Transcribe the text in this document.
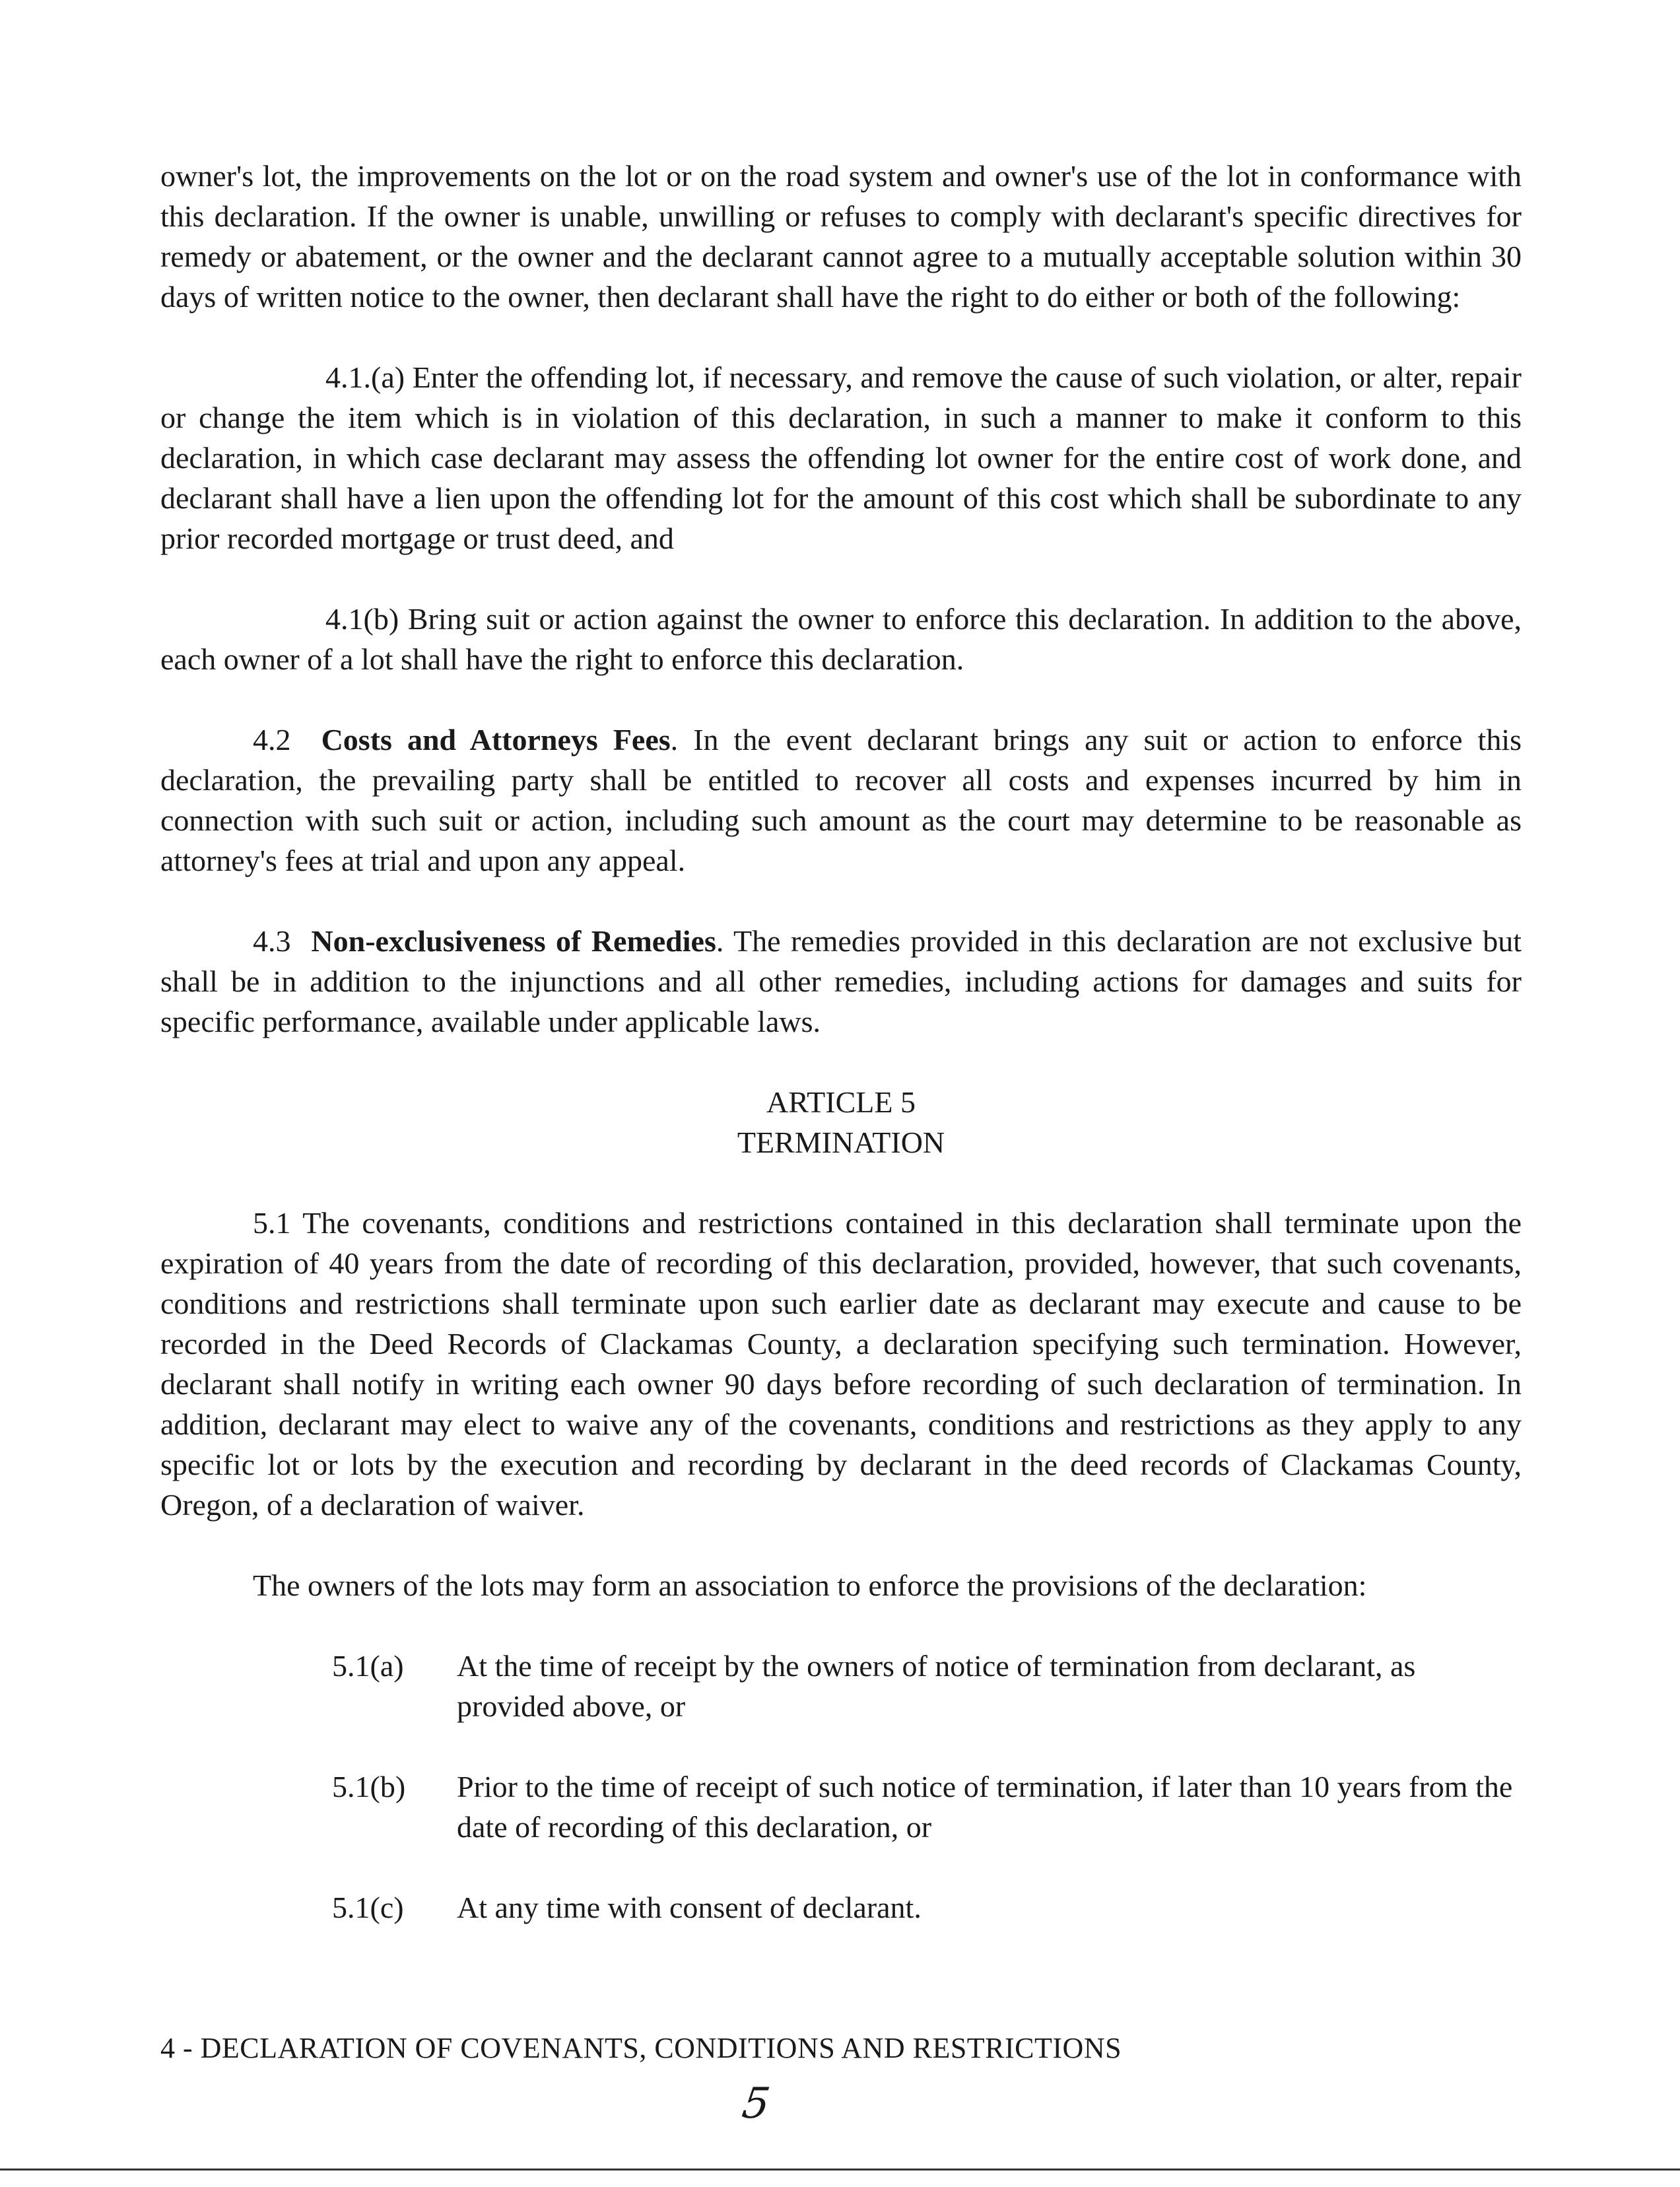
owner's lot, the improvements on the lot or on the road system and owner's use of the lot in conformance with this declaration. If the owner is unable, unwilling or refuses to comply with declarant's specific directives for remedy or abatement, or the owner and the declarant cannot agree to a mutually acceptable solution within 30 days of written notice to the owner, then declarant shall have the right to do either or both of the following:

4.1.(a) Enter the offending lot, if necessary, and remove the cause of such violation, or alter, repair or change the item which is in violation of this declaration, in such a manner to make it conform to this declaration, in which case declarant may assess the offending lot owner for the entire cost of work done, and declarant shall have a lien upon the offending lot for the amount of this cost which shall be subordinate to any prior recorded mortgage or trust deed, and

4.1(b) Bring suit or action against the owner to enforce this declaration. In addition to the above, each owner of a lot shall have the right to enforce this declaration.

4.2 Costs and Attorneys Fees. In the event declarant brings any suit or action to enforce this declaration, the prevailing party shall be entitled to recover all costs and expenses incurred by him in connection with such suit or action, including such amount as the court may determine to be reasonable as attorney's fees at trial and upon any appeal.

4.3 Non-exclusiveness of Remedies. The remedies provided in this declaration are not exclusive but shall be in addition to the injunctions and all other remedies, including actions for damages and suits for specific performance, available under applicable laws.

ARTICLE 5
TERMINATION

5.1 The covenants, conditions and restrictions contained in this declaration shall terminate upon the expiration of 40 years from the date of recording of this declaration, provided, however, that such covenants, conditions and restrictions shall terminate upon such earlier date as declarant may execute and cause to be recorded in the Deed Records of Clackamas County, a declaration specifying such termination. However, declarant shall notify in writing each owner 90 days before recording of such declaration of termination. In addition, declarant may elect to waive any of the covenants, conditions and restrictions as they apply to any specific lot or lots by the execution and recording by declarant in the deed records of Clackamas County, Oregon, of a declaration of waiver.

The owners of the lots may form an association to enforce the provisions of the declaration:

5.1(a)	At the time of receipt by the owners of notice of termination from declarant, as provided above, or
5.1(b)	Prior to the time of receipt of such notice of termination, if later than 10 years from the date of recording of this declaration, or
5.1(c)	At any time with consent of declarant.
4 - DECLARATION OF COVENANTS, CONDITIONS AND RESTRICTIONS
5
